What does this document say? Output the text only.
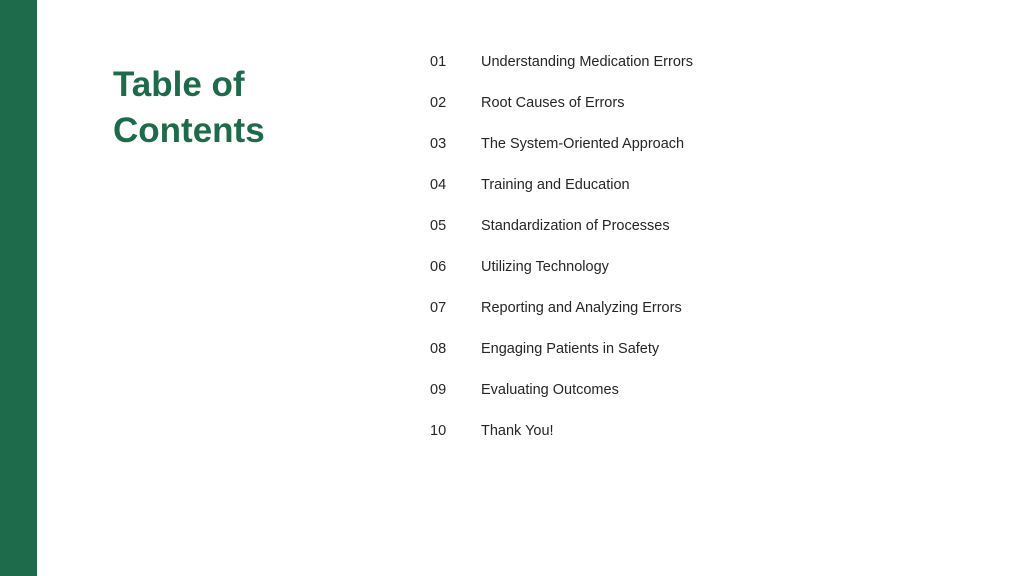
Table of Contents
01	Understanding Medication Errors
02	Root Causes of Errors
03	The System-Oriented Approach
04	Training and Education
05	Standardization of Processes
06	Utilizing Technology
07	Reporting and Analyzing Errors
08	Engaging Patients in Safety
09	Evaluating Outcomes
10	Thank You!
